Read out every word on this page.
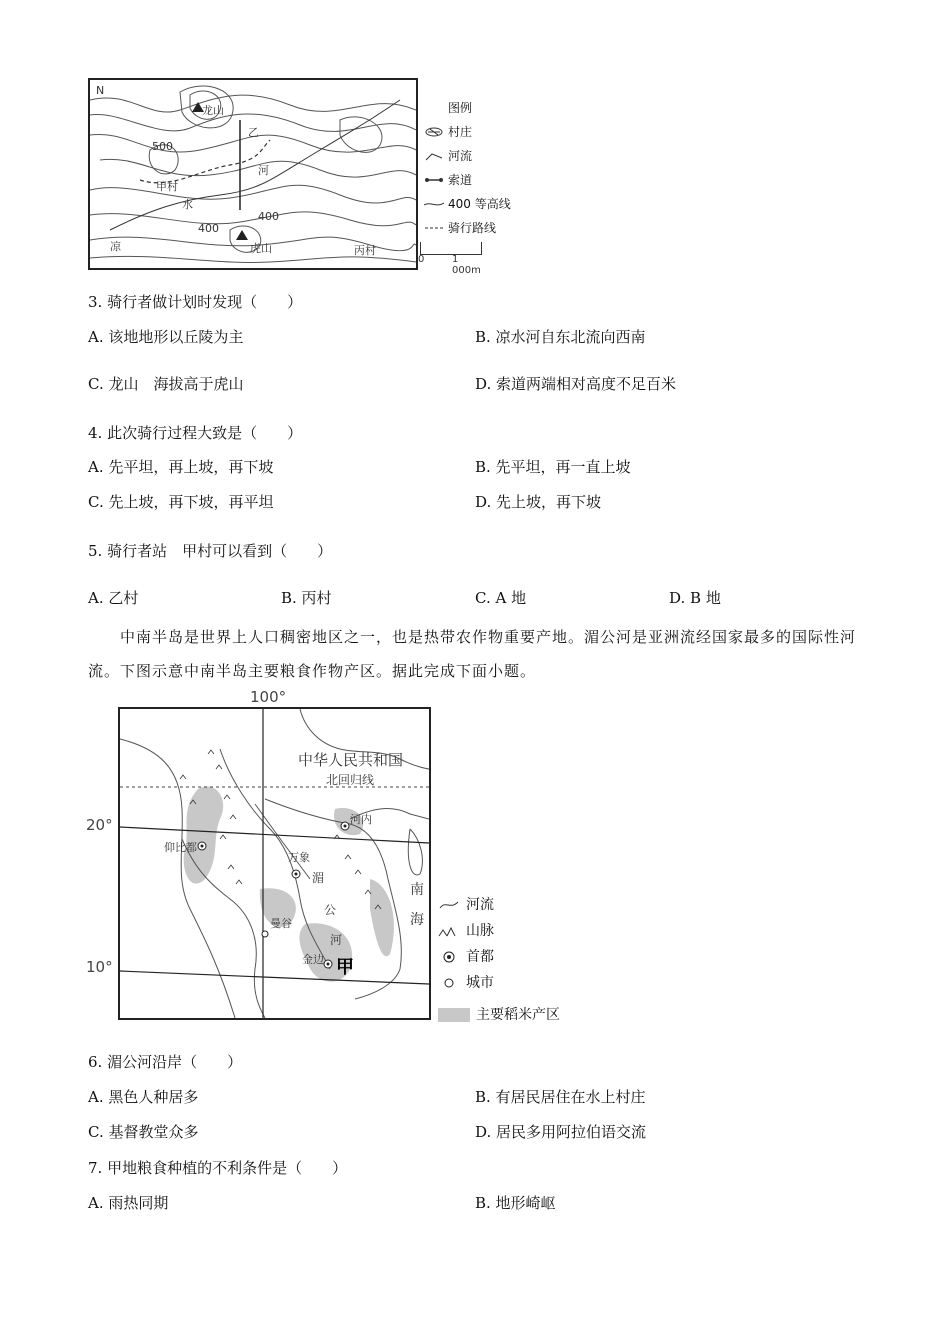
N
龙山
甲村
水
凉
河
400
500
400
丙村
乙
虎山
图例
村庄
河流
索道
400 等高线
骑行路线
0	1 000m
3. 骑行者做计划时发现（　　）
A. 该地地形以丘陵为主	B. 凉水河自东北流向西南
C. 龙山　海拔高于虎山	D. 索道两端相对高度不足百米
4. 此次骑行过程大致是（　　）
A. 先平坦，再上坡，再下坡	B. 先平坦，再一直上坡
C. 先上坡，再下坡，再平坦	D. 先上坡，再下坡
5. 骑行者站　甲村可以看到（　　）
A. 乙村	B. 丙村	C. A 地	D. B 地
中南半岛是世界上人口稠密地区之一，也是热带农作物重要产地。湄公河是亚洲流经国家最多的国际性河流。下图示意中南半岛主要粮食作物产区。据此完成下面小题。
100°
20°
10°
中华人民共和国
北回归线
河内
仰比都
万象
湄
公
河
曼谷
金边 甲
南
海
河流
山脉
首都
城市
主要稻米产区
6. 湄公河沿岸（　　）
A. 黑色人种居多	B. 有居民居住在水上村庄
C. 基督教堂众多	D. 居民多用阿拉伯语交流
7. 甲地粮食种植的不利条件是（　　）
A. 雨热同期	B. 地形崎岖
